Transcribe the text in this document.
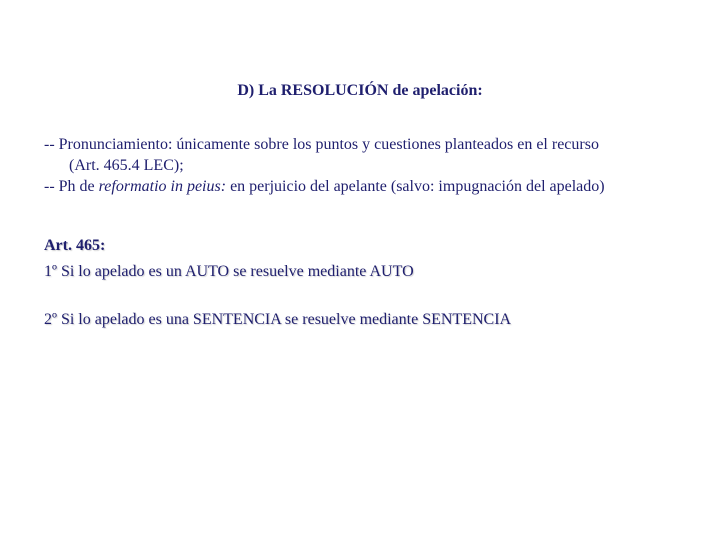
D) La RESOLUCIÓN de apelación:

-- Pronunciamiento: únicamente sobre los puntos y cuestiones planteados en el recurso

(Art. 465.4 LEC);

-- Ph de reformatio in peius: en perjuicio del apelante (salvo: impugnación del apelado)

Art. 465:
1º Si lo apelado es un AUTO se resuelve mediante AUTO
2º Si lo apelado es una SENTENCIA se resuelve mediante SENTENCIA
